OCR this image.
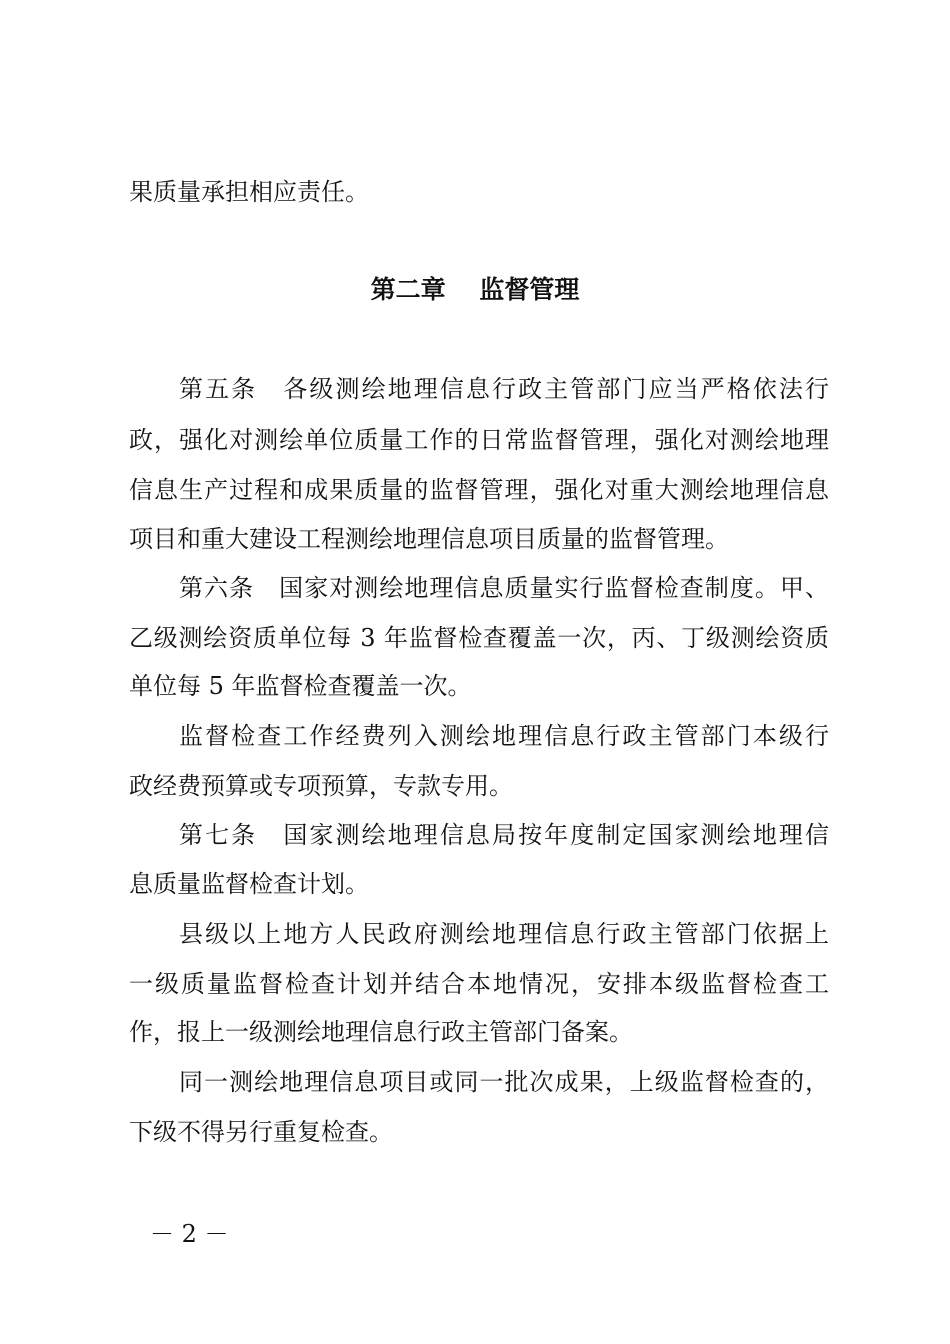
果质量承担相应责任。
第二章　 监督管理
第五条　各级测绘地理信息行政主管部门应当严格依法行
政，强化对测绘单位质量工作的日常监督管理，强化对测绘地理
信息生产过程和成果质量的监督管理，强化对重大测绘地理信息
项目和重大建设工程测绘地理信息项目质量的监督管理。
第六条　国家对测绘地理信息质量实行监督检查制度。甲、
乙级测绘资质单位每 3 年监督检查覆盖一次，丙、丁级测绘资质
单位每 5 年监督检查覆盖一次。
监督检查工作经费列入测绘地理信息行政主管部门本级行
政经费预算或专项预算，专款专用。
第七条　国家测绘地理信息局按年度制定国家测绘地理信
息质量监督检查计划。
县级以上地方人民政府测绘地理信息行政主管部门依据上
一级质量监督检查计划并结合本地情况，安排本级监督检查工
作，报上一级测绘地理信息行政主管部门备案。
同一测绘地理信息项目或同一批次成果，上级监督检查的，
下级不得另行重复检查。
－ 2 －
